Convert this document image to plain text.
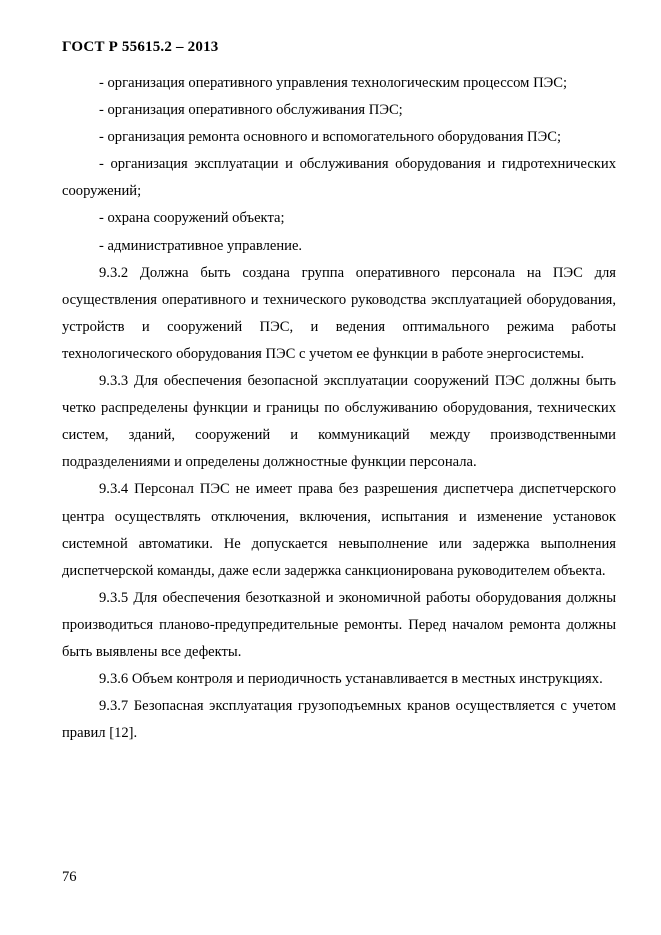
ГОСТ Р 55615.2 – 2013

- организация оперативного управления технологическим процессом ПЭС;

- организация оперативного обслуживания ПЭС;

- организация ремонта основного и вспомогательного оборудования ПЭС;

- организация эксплуатации и обслуживания оборудования и гидротехнических сооружений;

- охрана сооружений объекта;

- административное управление.

9.3.2 Должна быть создана группа оперативного персонала на ПЭС для осуществления оперативного и технического руководства эксплуатацией оборудования, устройств и сооружений ПЭС, и ведения оптимального режима работы технологического оборудования ПЭС с учетом ее функции в работе энергосистемы.

9.3.3 Для обеспечения безопасной эксплуатации сооружений ПЭС должны быть четко распределены функции и границы по обслуживанию оборудования, технических систем, зданий, сооружений и коммуникаций между производственными подразделениями и определены должностные функции персонала.

9.3.4 Персонал ПЭС не имеет права без разрешения диспетчера диспетчерского центра осуществлять отключения, включения, испытания и изменение установок системной автоматики. Не допускается невыполнение или задержка выполнения диспетчерской команды, даже если задержка санкционирована руководителем объекта.

9.3.5 Для обеспечения безотказной и экономичной работы оборудования должны производиться планово-предупредительные ремонты. Перед началом ремонта должны быть выявлены все дефекты.

9.3.6 Объем контроля и периодичность устанавливается в местных инструкциях.

9.3.7 Безопасная эксплуатация грузоподъемных кранов осуществляется с учетом правил [12].

76
